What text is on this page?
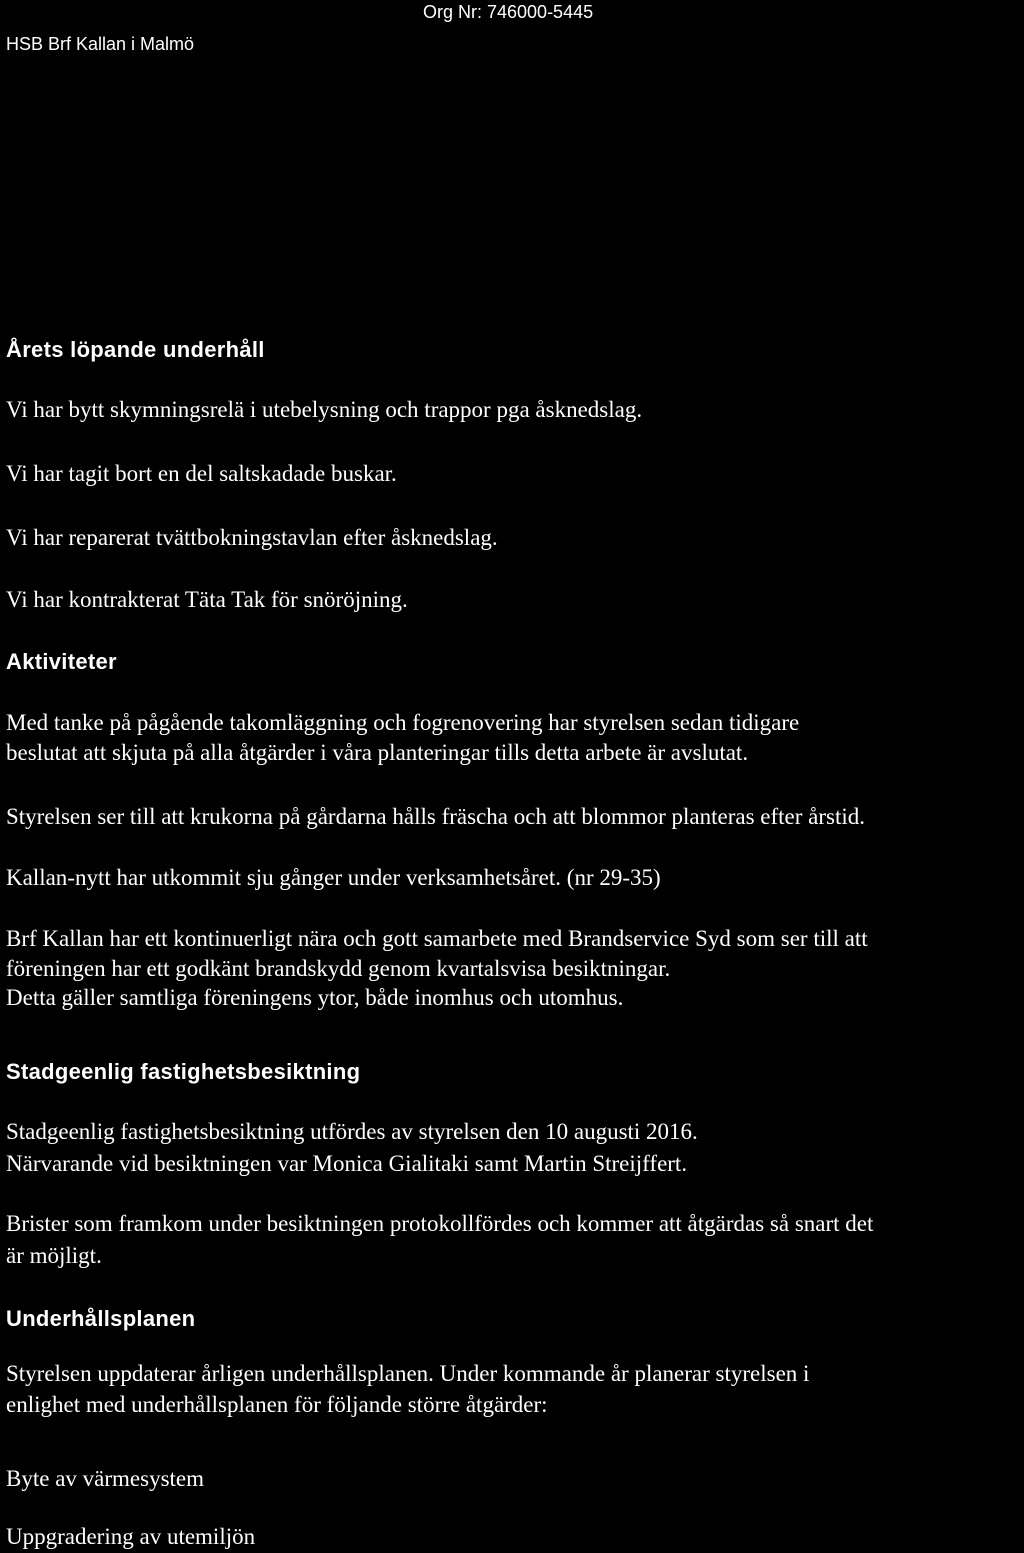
Org Nr: 746000-5445
HSB Brf Kallan i Malmö
Årets löpande underhåll
Vi har bytt skymningsrelä i utebelysning och trappor pga åsknedslag.
Vi har tagit bort en del saltskadade buskar.
Vi har reparerat tvättbokningstavlan efter åsknedslag.
Vi har kontrakterat Täta Tak för snöröjning.
Aktiviteter
Med tanke på pågående takomläggning och fogrenovering har styrelsen sedan tidigare
beslutat att skjuta på alla åtgärder i våra planteringar tills detta arbete är avslutat.
Styrelsen ser till att krukorna på gårdarna hålls fräscha och att blommor planteras efter årstid.
Kallan-nytt har utkommit sju gånger under verksamhetsåret. (nr 29-35)
Brf Kallan har ett kontinuerligt nära och gott samarbete med Brandservice Syd som ser till att
föreningen har ett godkänt brandskydd genom kvartalsvisa besiktningar.
Detta gäller samtliga föreningens ytor, både inomhus och utomhus.
Stadgeenlig fastighetsbesiktning
Stadgeenlig fastighetsbesiktning utfördes av styrelsen den 10 augusti 2016.
Närvarande vid besiktningen var Monica Gialitaki samt Martin Streijffert.
Brister som framkom under besiktningen protokollfördes och kommer att åtgärdas så snart det
är möjligt.
Underhållsplanen
Styrelsen uppdaterar årligen underhållsplanen. Under kommande år planerar styrelsen i
enlighet med underhållsplanen för följande större åtgärder:
Byte av värmesystem
Uppgradering av utemiljön
